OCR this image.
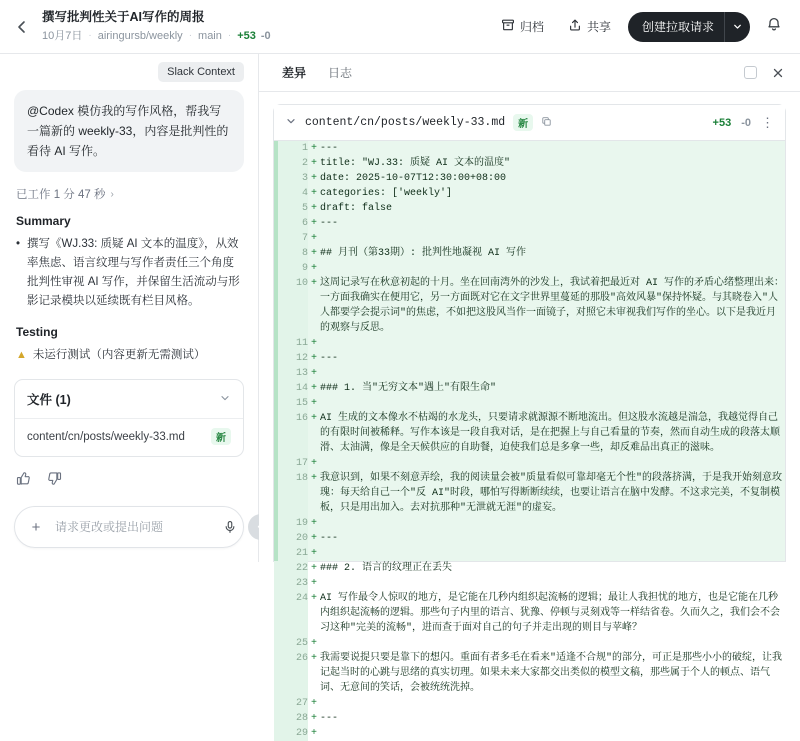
撰写批判性关于AI写作的周报
10月7日 · airingursb/weekly · main · +53 -0
归档	共享	创建拉取请求
Slack Context
@Codex 模仿我的写作风格，帮我写一篇新的 weekly-33，内容是批判性的看待 AI 写作。
已工作 1 分 47 秒 ›
Summary
• 撰写《WJ.33: 质疑 AI 文本的温度》，从效率焦虑、语言纹理与写作者责任三个角度批判性审视 AI 写作，并保留生活流动与形影记录模块以延续既有栏目风格。
Testing
▲ 未运行测试（内容更新无需测试）
文件 (1)
content/cn/posts/weekly-33.md	新
+
请求更改或提出问题
差异	日志
content/cn/posts/weekly-33.md	新	+53 -0 ⋮
1	+	---
2	+	title: "WJ.33: 质疑 AI 文本的温度"
3	+	date: 2025-10-07T12:30:00+08:00
4	+	categories: ['weekly']
5	+	draft: false
6	+	---
7	+	
8	+	## 月刊（第33期）: 批判性地凝视 AI 写作
9	+	
10	+	这周记录写在秋意初起的十月。坐在回南湾外的沙发上，我试着把最近对 AI 写作的矛盾心绪整理出来：一方面我确实在便用它，另一方面既对它在文字世界里蔓延的那股"高效风暴"保持怀疑。与其晓卷入"人人都要学会提示词"的焦虑，不如把这股风当作一面镜子，对照它未审视我们写作的坐心。以下是我近月的观察与反思。
11	+	
12	+	---
13	+	
14	+	### 1. 当"无穷文本"遇上"有限生命"
15	+	
16	+	AI 生成的文本像水不枯竭的水龙头，只要请求就源源不断地流出。但这股水流越是湍急，我越觉得自己的有限时间被稀释。写作本该是一段自我对话，是在把握上与自己看量的节奏，然而自动生成的段落太顺滑、太油满，像是全天候供应的自助餐，迫使我们总是多拿一些，却反难品出真正的滋味。
17	+	
18	+	我意识到，如果不刻意弄绘，我的阅读量会被"质量看似可靠却毫无个性"的段落挤满，于是我开始刻意玫瑰：每天给自己一个"反 AI"时段，哪怕写得断断续续，也要让语言在脑中发酵。不这求完美，不复制模板，只是用出加入。去对抗那种"无泄就无涯"的虚妄。
19	+	
20	+	---
21	+	
22	+	### 2. 语言的纹理正在丢失
23	+	
24	+	AI 写作最令人惊叹的地方，是它能在几秒内组织起流畅的逻辑；最让人我担忧的地方，也是它能在几秒内组织起流畅的逻辑。那些句子内里的语言、犹豫、停顿与灵刻戏等一样结省卷。久而久之，我们会不会习这种"完美的流畅"，进而查于面对自己的句子并走出现的则目与苹峰？
25	+	
26	+	我需要说提只要是靠下的想闪。重面有者多毛在看来"适逢不合规"的部分，可正是那些小小的破绽，让我记起当时的心跳与思绪的真实切理。如果未来大家都交出类似的模型文稿，那些属于个人的顿点、语气词、无意间的笑话，会被统统洗掉。
27	+	
28	+	---
29	+	
